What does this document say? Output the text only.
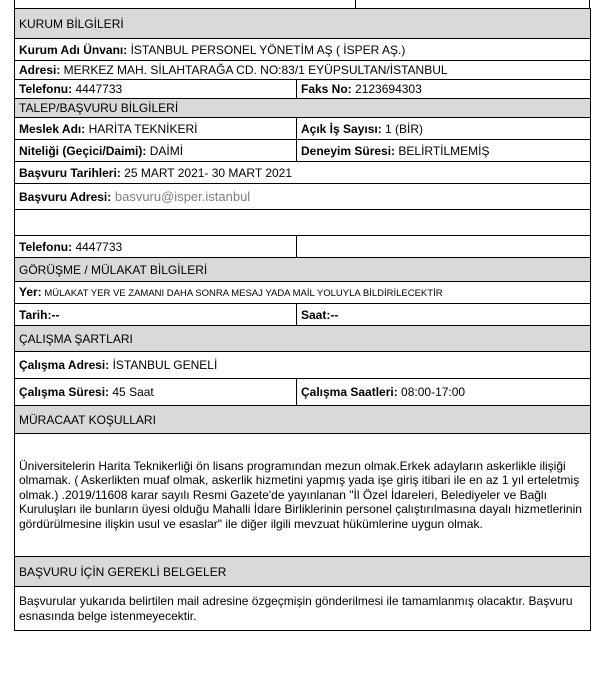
KURUM BİLGİLERİ	
Kurum Adı Ünvanı: İSTANBUL PERSONEL YÖNETİM AŞ ( İSPER AŞ.)	
Adresi: MERKEZ MAH. SİLAHTARAĞA CD. NO:83/1 EYÜPSULTAN/İSTANBUL	
Telefonu: 4447733	Faks No: 2123694303
TALEP/BAŞVURU BİLGİLERİ	
Meslek Adı: HARİTA TEKNİKERİ	Açık İş Sayısı: 1 (BİR)
Niteliği (Geçici/Daimi): DAİMİ	Deneyim Süresi: BELİRTİLMEMİŞ
Başvuru Tarihleri: 25 MART 2021- 30 MART 2021	
Başvuru Adresi: basvuru@isper.istanbul	

Telefonu: 4447733	
GÖRÜŞME / MÜLAKAT BİLGİLERİ	
Yer: MÜLAKAT YER VE ZAMANI DAHA SONRA MESAJ YADA MAİL YOLUYLA BİLDİRİLECEKTİR	
Tarih:--	Saat:--
ÇALIŞMA ŞARTLARI	
Çalışma Adresi: İSTANBUL GENELİ	
Çalışma Süresi: 45 Saat	Çalışma Saatleri: 08:00-17:00
MÜRACAAT KOŞULLARI	
Üniversitelerin Harita Teknikerliği ön lisans programından mezun olmak.Erkek adayların askerlikle ilişiği olmamak. ( Askerlikten muaf olmak, askerlik hizmetini yapmış yada işe giriş itibari ile en az 1 yıl erteletmiş olmak.) .2019/11608 karar sayılı Resmi Gazete'de yayınlanan "İl Özel İdareleri, Belediyeler ve Bağlı Kuruluşları ile bunların üyesi olduğu Mahalli İdare Birliklerinin personel çalıştırılmasına dayalı hizmetlerinin gördürülmesine ilişkin usul ve esaslar" ile diğer ilgili mevzuat hükümlerine uygun olmak.	
BAŞVURU İÇİN GEREKLİ BELGELER	
Başvurular yukarıda belirtilen mail adresine özgeçmişin gönderilmesi ile tamamlanmış olacaktır. Başvuru esnasında belge istenmeyecektir.	
